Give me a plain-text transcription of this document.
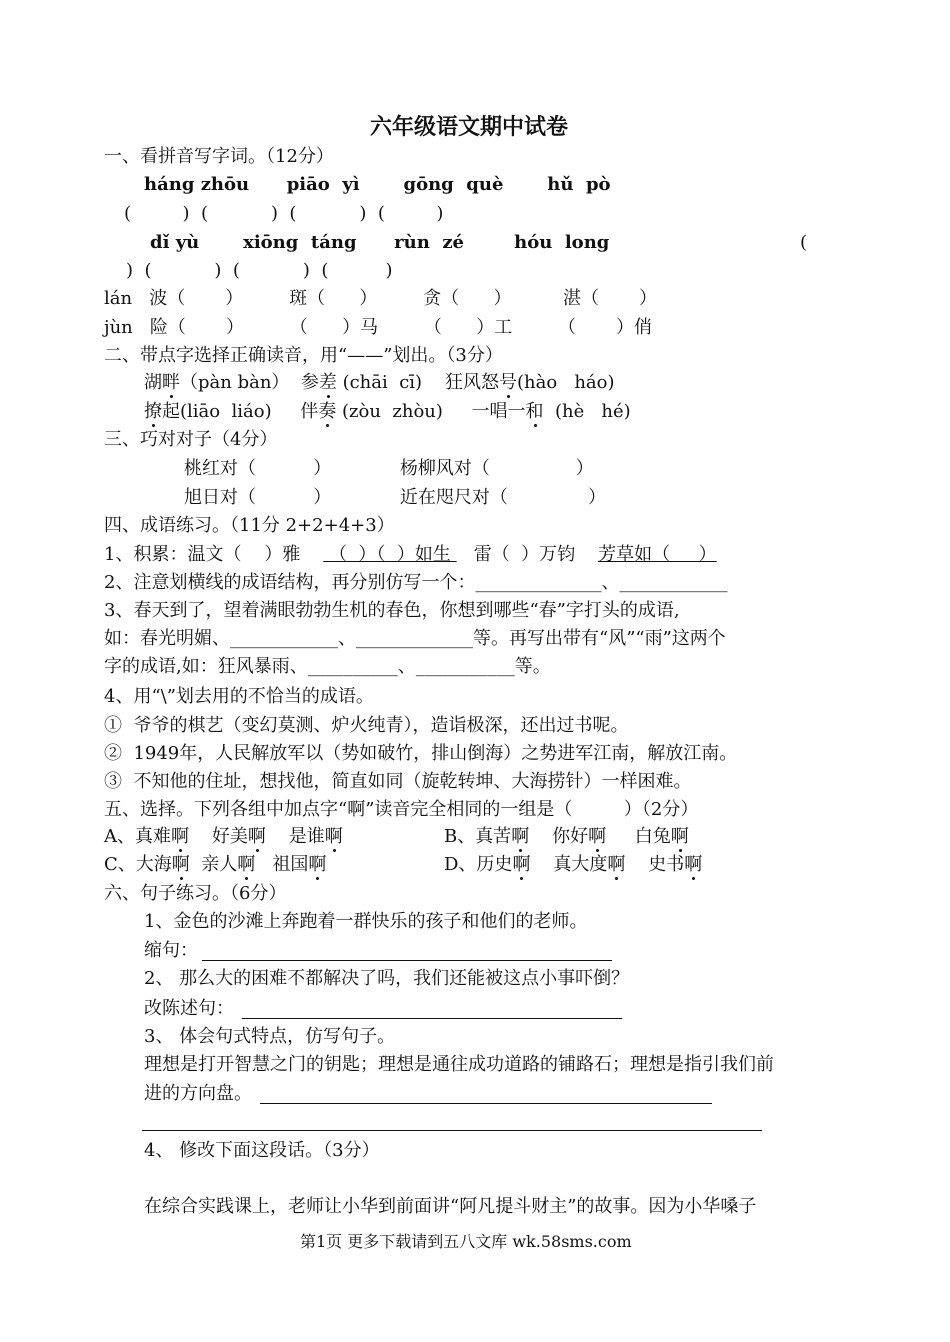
六年级语文期中试卷
一、看拼音写字词。（12分）
háng zhōu      piāo  yì       gōng  què       hǔ  pò
(         )  (           )  (           )  (         )
dǐ yù       xiōng  táng      rùn  zé        hóu  long	(
)  (           )  (           )  (          )
lán   波（       ）        斑（      ）        贪（      ）         湛（       ）
jùn   险（       ）        （      ）马        （      ）工        （       ）俏
二、带点字选择正确读音，用“——”划出。（3分）
湖畔（pàn bàn）  参差 (chāi  cī)    狂风怒号(hào   háo)
撩起(liāo  liáo)     伴奏 (zòu  zhòu)     一唱一和  (hè   hé)
三、巧对对子（4分）
桃红对（          ）            杨柳风对（               ）
旭日对（          ）            近在咫尺对（              ）
四、成语练习。（11分 2+2+4+3）
1、积累：温文（    ）雅     （  ）（  ）如生    雷（  ）万钧    芳草如（     ）
2、注意划横线的成语结构，再分别仿写一个：______________、____________
3、春天到了，望着满眼勃勃生机的春色，你想到哪些“春”字打头的成语,
如：春光明媚、____________、_____________等。再写出带有“风”“雨”这两个
字的成语,如：狂风暴雨、__________、___________等。
4、用“\”划去用的不恰当的成语。
①  爷爷的棋艺（变幻莫测、炉火纯青），造诣极深，还出过书呢。
②  1949年，人民解放军以（势如破竹，排山倒海）之势进军江南，解放江南。
③  不知他的住址，想找他，简直如同（旋乾转坤、大海捞针）一样困难。
五、选择。下列各组中加点字“啊”读音完全相同的一组是（         ）（2分）
A、真难啊    好美啊    是谁啊	B、真苦啊    你好啊     白兔啊
C、大海啊  亲人啊   祖国啊	D、历史啊    真大度啊    史书啊
六、句子练习。（6分）
1、金色的沙滩上奔跑着一群快乐的孩子和他们的老师。
缩句：
2、 那么大的困难不都解决了吗，我们还能被这点小事吓倒？
改陈述句：
3、 体会句式特点，仿写句子。
理想是打开智慧之门的钥匙；理想是通往成功道路的铺路石；理想是指引我们前
进的方向盘。
4、 修改下面这段话。（3分）
在综合实践课上，老师让小华到前面讲“阿凡提斗财主”的故事。因为小华嗓子
第1页 更多下载请到五八文库 wk.58sms.com
